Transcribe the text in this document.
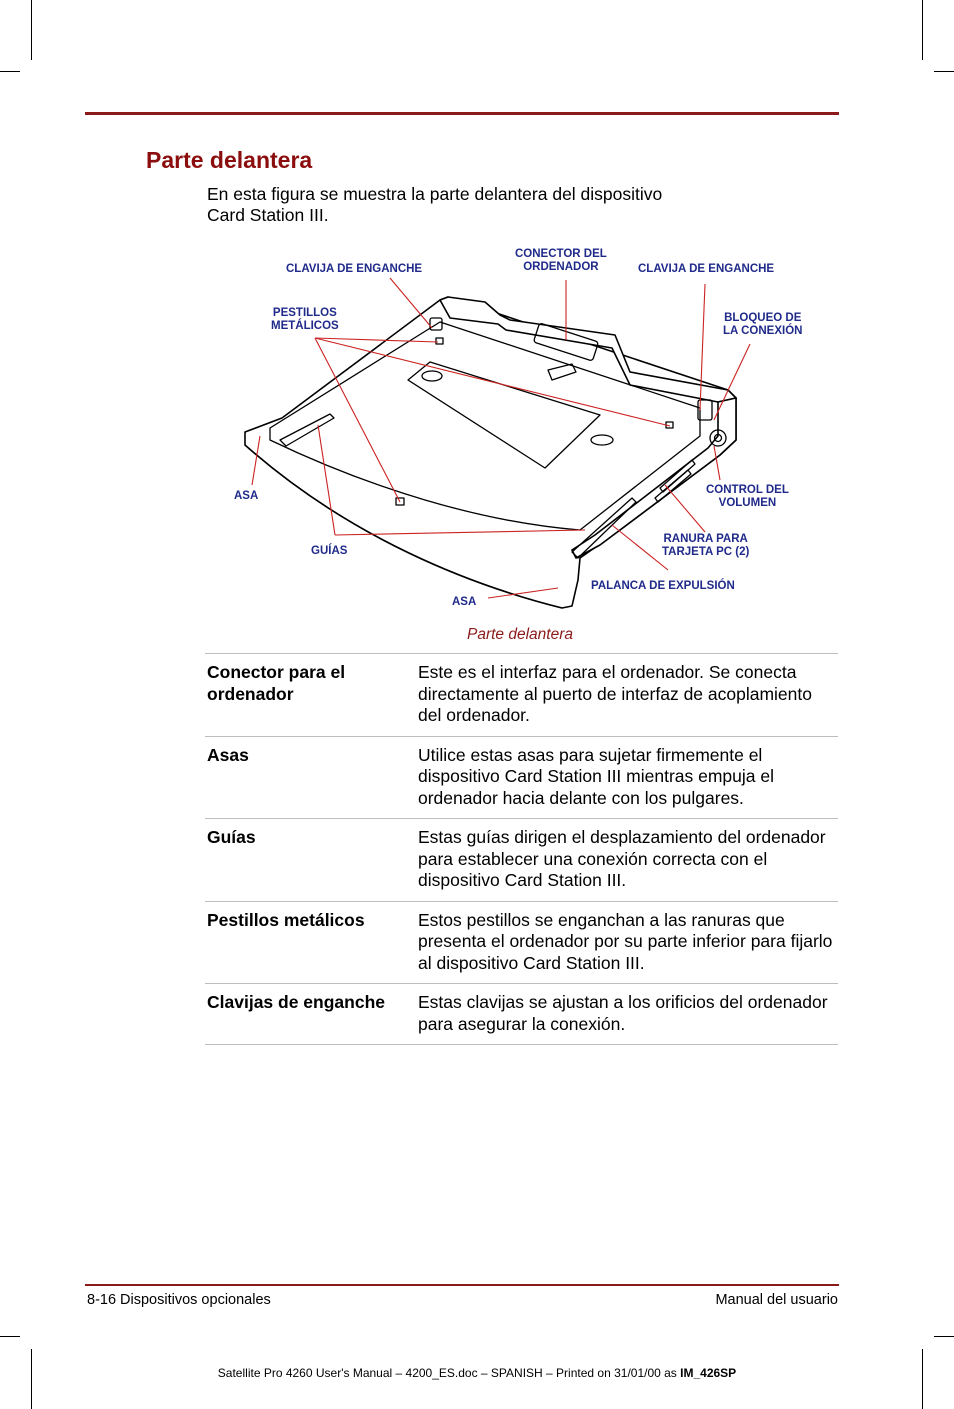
Parte delantera

En esta figura se muestra la parte delantera del dispositivo
Card Station III.

CLAVIJA DE ENGANCHE
CONECTOR DEL
ORDENADOR	CLAVIJA DE ENGANCHE
PESTILLOS
METÁLICOS
BLOQUEO DE
LA CONEXIÓN
ASA	CONTROL DEL
VOLUMEN
RANURA PARA
TARJETA PC (2)
GUÍAS
PALANCA DE EXPULSIÓN
ASA
Parte delantera
Conector para el
ordenador	Este es el interfaz para el ordenador. Se conecta directamente al puerto de interfaz de acoplamiento del ordenador.
Asas	Utilice estas asas para sujetar firmemente el dispositivo Card Station III mientras empuja el ordenador hacia delante con los pulgares.
Guías	Estas guías dirigen el desplazamiento del ordenador para establecer una conexión correcta con el dispositivo Card Station III.
Pestillos metálicos	Estos pestillos se enganchan a las ranuras que presenta el ordenador por su parte inferior para fijarlo al dispositivo Card Station III.
Clavijas de enganche	Estas clavijas se ajustan a los orificios del ordenador para asegurar la conexión.
8-16 Dispositivos opcionales	Manual del usuario
Satellite Pro 4260 User's Manual – 4200_ES.doc – SPANISH – Printed on 31/01/00 as IM_426SP
